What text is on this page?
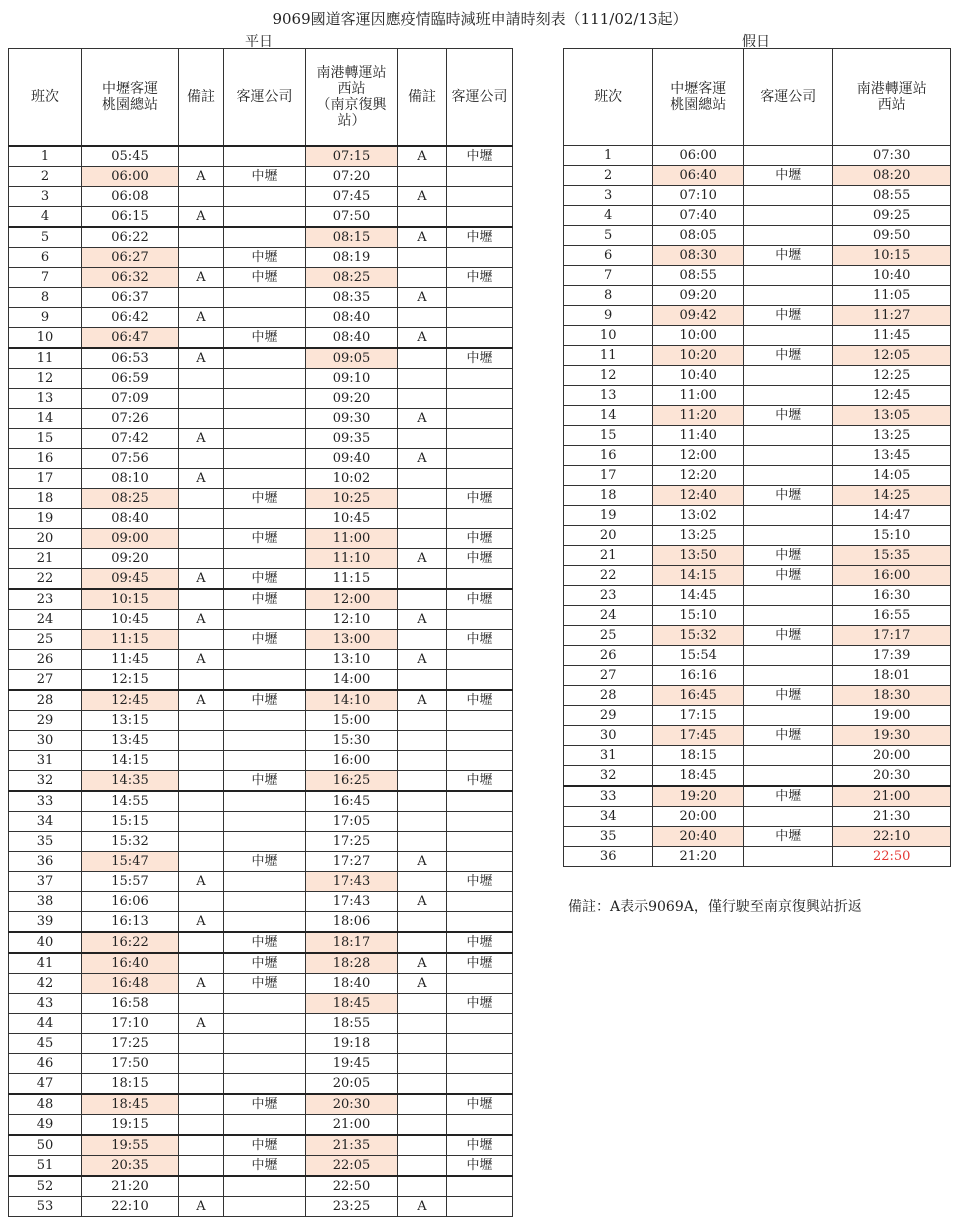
9069國道客運因應疫情臨時減班申請時刻表（111/02/13起）
平日	假日
班次	中壢客運
桃園總站	備註	客運公司	南港轉運站
西站
（南京復興
站）	備註	客運公司
1	05:45			07:15	A	中壢
2	06:00	A	中壢	07:20		
3	06:08			07:45	A	
4	06:15	A		07:50		
5	06:22			08:15	A	中壢
6	06:27		中壢	08:19		
7	06:32	A	中壢	08:25		中壢
8	06:37			08:35	A	
9	06:42	A		08:40		
10	06:47		中壢	08:40	A	
11	06:53	A		09:05		中壢
12	06:59			09:10		
13	07:09			09:20		
14	07:26			09:30	A	
15	07:42	A		09:35		
16	07:56			09:40	A	
17	08:10	A		10:02		
18	08:25		中壢	10:25		中壢
19	08:40			10:45		
20	09:00		中壢	11:00		中壢
21	09:20			11:10	A	中壢
22	09:45	A	中壢	11:15		
23	10:15		中壢	12:00		中壢
24	10:45	A		12:10	A	
25	11:15		中壢	13:00		中壢
26	11:45	A		13:10	A	
27	12:15			14:00		
28	12:45	A	中壢	14:10	A	中壢
29	13:15			15:00		
30	13:45			15:30		
31	14:15			16:00		
32	14:35		中壢	16:25		中壢
33	14:55			16:45		
34	15:15			17:05		
35	15:32			17:25		
36	15:47		中壢	17:27	A	
37	15:57	A		17:43		中壢
38	16:06			17:43	A	
39	16:13	A		18:06		
40	16:22		中壢	18:17		中壢
41	16:40		中壢	18:28	A	中壢
42	16:48	A	中壢	18:40	A	
43	16:58			18:45		中壢
44	17:10	A		18:55		
45	17:25			19:18		
46	17:50			19:45		
47	18:15			20:05		
48	18:45		中壢	20:30		中壢
49	19:15			21:00		
50	19:55		中壢	21:35		中壢
51	20:35		中壢	22:05		中壢
52	21:20			22:50		
53	22:10	A		23:25	A	
班次	中壢客運
桃園總站	客運公司	南港轉運站
西站
1	06:00		07:30
2	06:40	中壢	08:20
3	07:10		08:55
4	07:40		09:25
5	08:05		09:50
6	08:30	中壢	10:15
7	08:55		10:40
8	09:20		11:05
9	09:42	中壢	11:27
10	10:00		11:45
11	10:20	中壢	12:05
12	10:40		12:25
13	11:00		12:45
14	11:20	中壢	13:05
15	11:40		13:25
16	12:00		13:45
17	12:20		14:05
18	12:40	中壢	14:25
19	13:02		14:47
20	13:25		15:10
21	13:50	中壢	15:35
22	14:15	中壢	16:00
23	14:45		16:30
24	15:10		16:55
25	15:32	中壢	17:17
26	15:54		17:39
27	16:16		18:01
28	16:45	中壢	18:30
29	17:15		19:00
30	17:45	中壢	19:30
31	18:15		20:00
32	18:45		20:30
33	19:20	中壢	21:00
34	20:00		21:30
35	20:40	中壢	22:10
36	21:20		22:50
備註：A表示9069A，僅行駛至南京復興站折返
